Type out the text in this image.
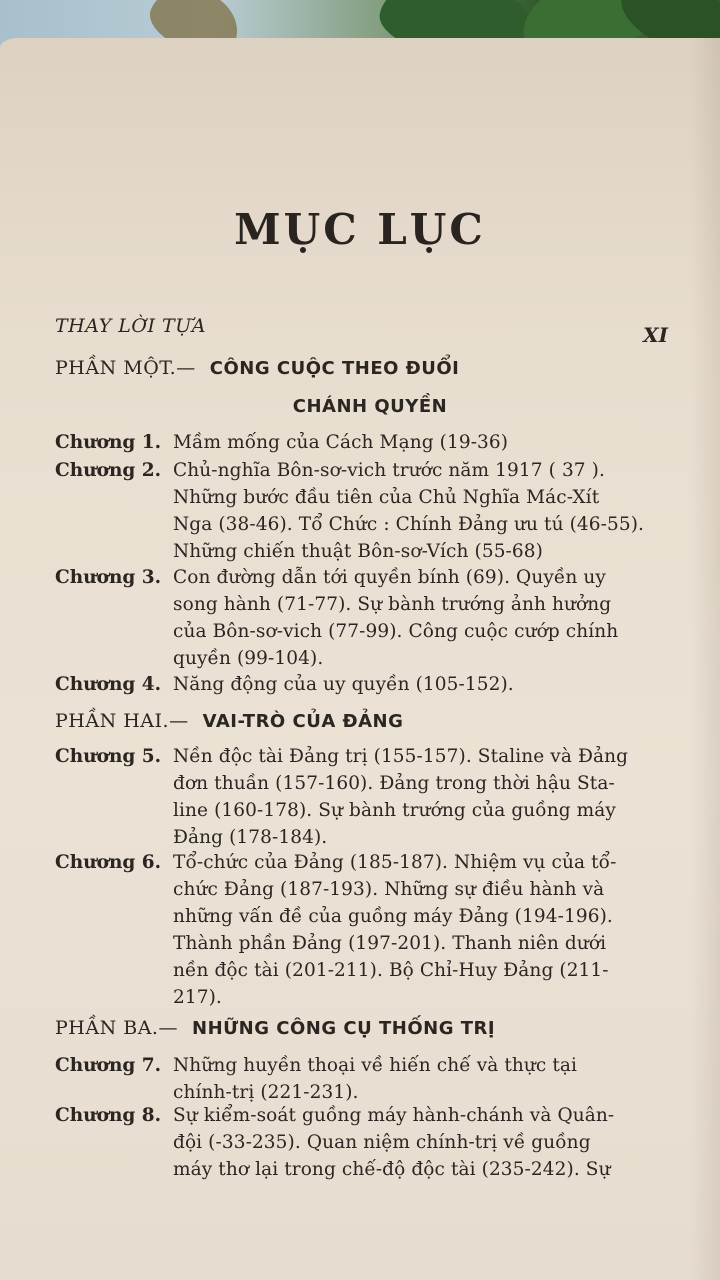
MỤC LỤC
THAY LỜI TỰA	XI
PHẦN MỘT.— CÔNG CUỘC THEO ĐUỔI
CHÁNH QUYỀN
Chương 1. Mầm mống của Cách Mạng (19-36)
Chương 2. Chủ-nghĩa Bôn-sơ-vich trước năm 1917 ( 37 ).
Những bước đầu tiên của Chủ Nghĩa Mác-Xít
Nga (38-46). Tổ Chức : Chính Đảng ưu tú (46-55).
Những chiến thuật Bôn-sơ-Vích (55-68)
Chương 3. Con đường dẫn tới quyền bính (69). Quyền uy
song hành (71-77). Sự bành trướng ảnh hưởng
của Bôn-sơ-vich (77-99). Công cuộc cướp chính
quyền (99-104).
Chương 4. Năng động của uy quyền (105-152).
PHẦN HAI.— VAI-TRÒ CỦA ĐẢNG
Chương 5. Nền độc tài Đảng trị (155-157). Staline và Đảng
đơn thuần (157-160). Đảng trong thời hậu Sta-
line (160-178). Sự bành trướng của guồng máy
Đảng (178-184).
Chương 6. Tổ-chức của Đảng (185-187). Nhiệm vụ của tổ-
chức Đảng (187-193). Những sự điều hành và
những vấn đề của guồng máy Đảng (194-196).
Thành phần Đảng (197-201). Thanh niên dưới
nền độc tài (201-211). Bộ Chỉ-Huy Đảng (211-
217).
PHẦN BA.— NHỮNG CÔNG CỤ THỐNG TRỊ
Chương 7. Những huyền thoại về hiến chế và thực tại
chính-trị (221-231).
Chương 8. Sự kiểm-soát guồng máy hành-chánh và Quân-
đội (-33-235). Quan niệm chính-trị về guồng
máy thơ lại trong chế-độ độc tài (235-242). Sự
